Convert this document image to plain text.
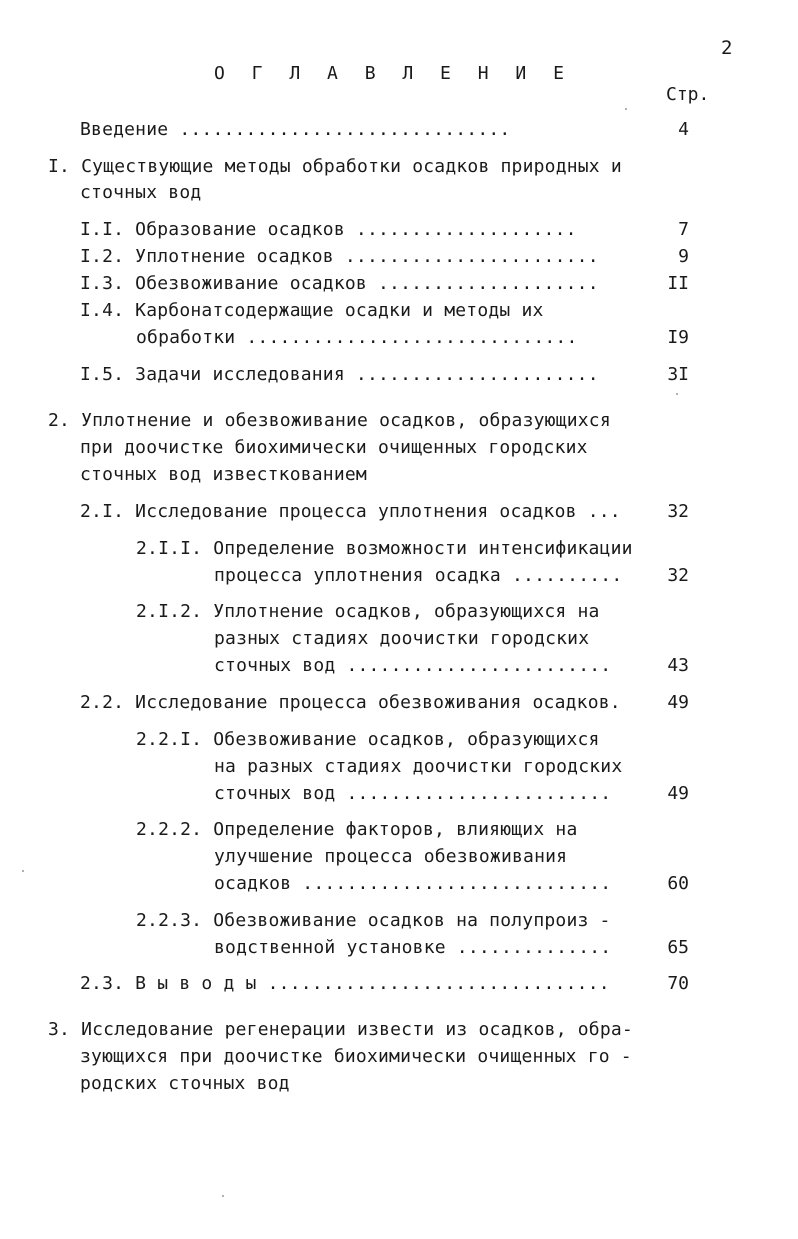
2
О Г Л А В Л Е Н И Е
Стр.
Введение ..............................	4
I. Существующие методы обработки осадков природных и
сточных вод
I.I. Образование осадков ....................	7
I.2. Уплотнение осадков .......................	9
I.3. Обезвоживание осадков ....................	II
I.4. Карбонатсодержащие осадки и методы их
обработки ..............................	I9
I.5. Задачи исследования ......................	3I
2. Уплотнение и обезвоживание осадков, образующихся
при доочистке биохимически очищенных городских
сточных вод известкованием
2.I. Исследование процесса уплотнения осадков ...	32
2.I.I. Определение возможности интенсификации
процесса уплотнения осадка ..........	32
2.I.2. Уплотнение осадков, образующихся на
разных стадиях доочистки городских
сточных вод ........................	43
2.2. Исследование процесса обезвоживания осадков.	49
2.2.I. Обезвоживание осадков, образующихся
на разных стадиях доочистки городских
сточных вод ........................	49
2.2.2. Определение факторов, влияющих на
улучшение процесса обезвоживания
осадков ............................	60
2.2.3. Обезвоживание осадков на полупроиз -
водственной установке ..............	65
2.3. В ы в о д ы ...............................	70
3. Исследование регенерации извести из осадков, обра-
зующихся при доочистке биохимически очищенных го -
родских сточных вод
